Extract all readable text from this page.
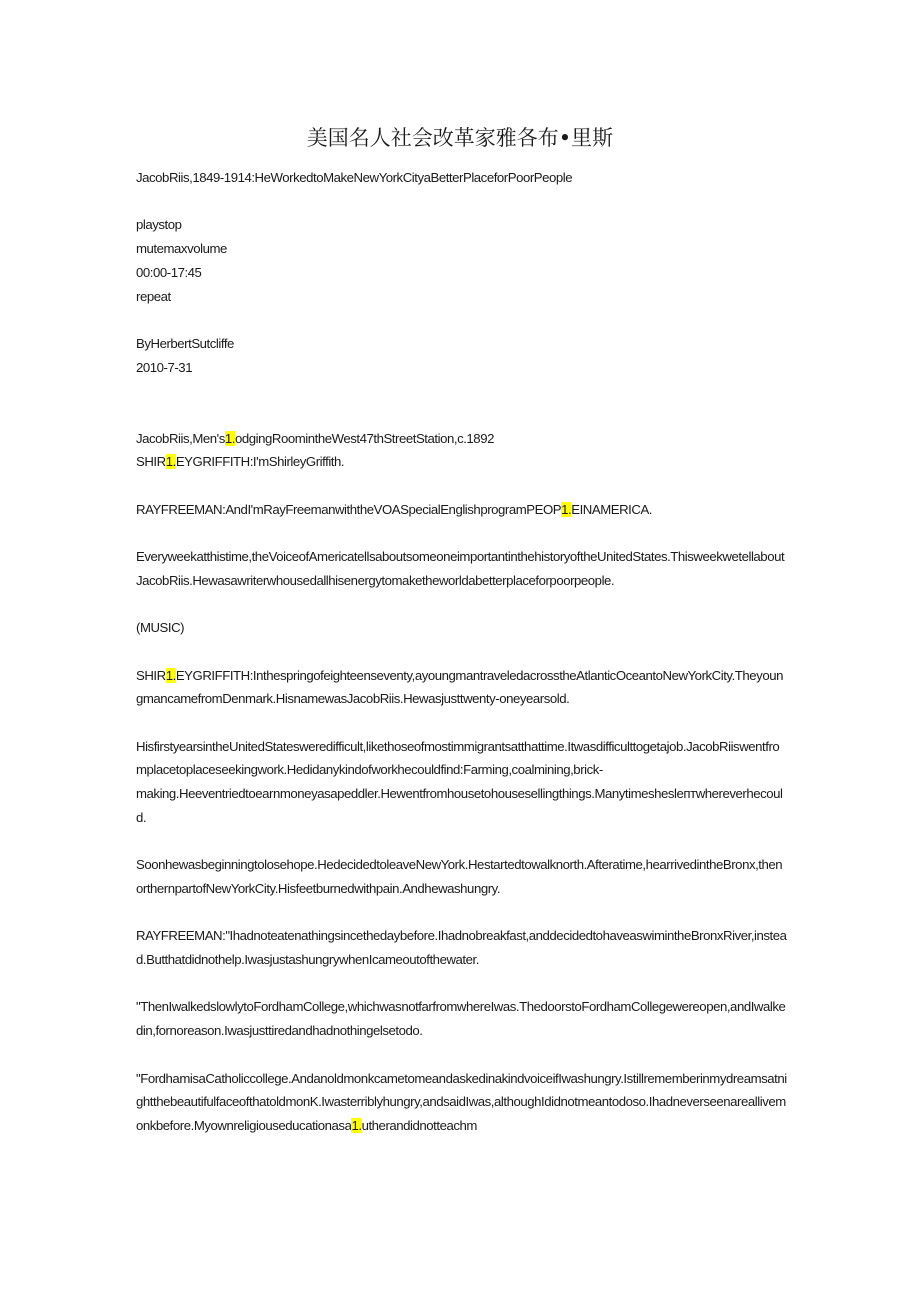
美国名人社会改革家雅各布•里斯

JacobRiis,1849-1914:HeWorkedtoMakeNewYorkCityaBetterPlaceforPoorPeople

playstop

mutemaxvolume

00:00-17:45

repeat

ByHerbertSutcliffe

2010-7-31

JacobRiis,Men's1.odgingRoomintheWest47thStreetStation,c.1892

SHIR1.EYGRIFFITH:I'mShirleyGriffith.

RAYFREEMAN:AndI'mRayFreemanwiththeVOASpecialEnglishprogramPEOP1.EINAMERICA.

Everyweekatthistime,theVoiceofAmericatellsaboutsomeoneimportantinthehistoryoftheUnitedStates.ThisweekwetellaboutJacobRiis.Hewasawriterwhousedallhisenergytomaketheworldabetterplaceforpoorpeople.

(MUSIC)

SHIR1.EYGRIFFITH:Inthespringofeighteenseventy,ayoungmantraveledacrosstheAtlanticOceantoNewYorkCity.TheyoungmancamefromDenmark.HisnamewasJacobRiis.Hewasjusttwenty-oneyearsold.

HisfirstyearsintheUnitedStatesweredifficult,likethoseofmostimmigrantsatthattime.Itwasdifficulttogetajob.JacobRiiswentfromplacetoplaceseekingwork.Hedidanykindofworkhecouldfind:Farming,coalmining,brick-
making.Heeventriedtoearnmoneyasapeddler.Hewentfromhousetohousesellingthings.Manytimesheslептwhereverhecould.

Soonhewasbeginningtolosehope.HedecidedtoleaveNewYork.Hestartedtowalknorth.Afteratime,hearrivedintheBronx,thenorthernpartofNewYorkCity.Hisfeetburnedwithpain.Andhewashungry.

RAYFREEMAN:"Ihadnoteatenathingsincethedaybefore.Ihadnobreakfast,anddecidedtohaveaswimintheBronxRiver,instead.Butthatdidnothelp.IwasjustashungrywhenIcameoutofthewater.

"ThenIwalkedslowlytoFordhamCollege,whichwasnotfarfromwhereIwas.ThedoorstoFordhamCollegewereopen,andIwalkedin,fornoreason.Iwasjusttiredandhadnothingelsetodo.

"FordhamisaCatholiccollege.AndanoldmonkcametomeandaskedinakindvoiceifIwashungry.IstillrememberinmydreamsatnightthebeautifulfaceofthatoldmonK.Iwasterriblyhungry,andsaidIwas,althoughIdidnotmeantodoso.Ihadneverseenareallivemonkbefore.Myownreligiouseducationasa1.utherandidnotteachm
